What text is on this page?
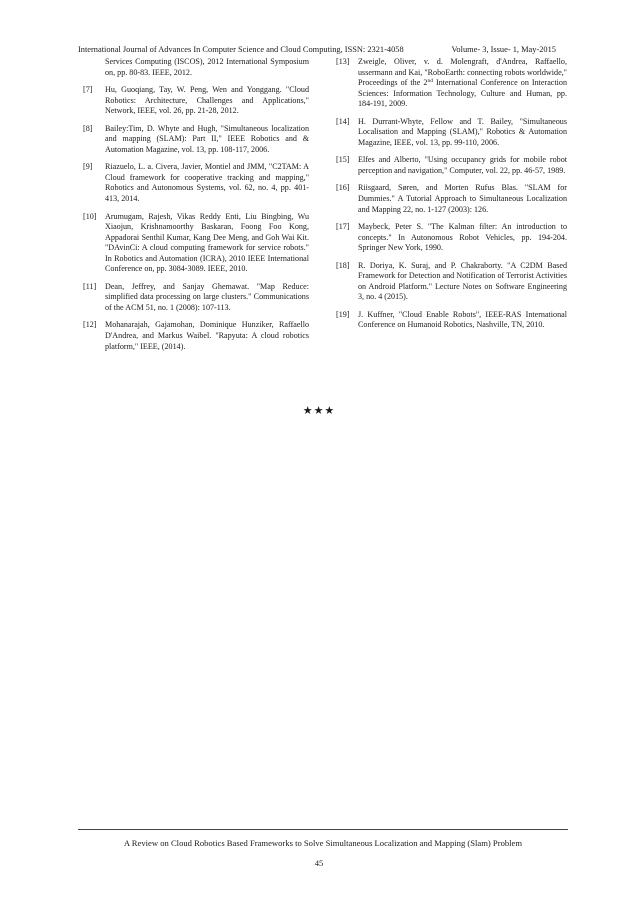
International Journal of Advances In Computer Science and Cloud Computing, ISSN: 2321-4058	Volume- 3, Issue- 1, May-2015
Services Computing (ISCOS), 2012 International Symposium on, pp. 80-83. IEEE, 2012.
[7] Hu, Guoqiang, Tay, W. Peng, Wen and Yonggang. "Cloud Robotics: Architecture, Challenges and Applications," Network, IEEE, vol. 26, pp. 21-28, 2012.
[8] Bailey:Tim, D. Whyte and Hugh, "Simultaneous localization and mapping (SLAM): Part II," IEEE Robotics and & Automation Magazine, vol. 13, pp. 108-117, 2006.
[9] Riazuelo, L. a. Civera, Javier, Montiel and JMM, "C2TAM: A Cloud framework for cooperative tracking and mapping," Robotics and Autonomous Systems, vol. 62, no. 4, pp. 401-413, 2014.
[10] Arumugam, Rajesh, Vikas Reddy Enti, Liu Bingbing, Wu Xiaojun, Krishnamoorthy Baskaran, Foong Foo Kong, Appadorai Senthil Kumar, Kang Dee Meng, and Goh Wai Kit. "DAvinCi: A cloud computing framework for service robots." In Robotics and Automation (ICRA), 2010 IEEE International Conference on, pp. 3084-3089. IEEE, 2010.
[11] Dean, Jeffrey, and Sanjay Ghemawat. "Map Reduce: simplified data processing on large clusters." Communications of the ACM 51, no. 1 (2008): 107-113.
[12] Mohanarajah, Gajamohan, Dominique Hunziker, Raffaello D'Andrea, and Markus Waibel. "Rapyuta: A cloud robotics platform," IEEE, (2014).
[13] Zweigle, Oliver, v. d. Molengraft, d'Andrea, Raffaello, ussermann and Kai, "RoboEarth: connecting robots worldwide," Proceedings of the 2nd International Conference on Interaction Sciences: Information Technology, Culture and Human, pp. 184-191, 2009.
[14] H. Durrant-Whyte, Fellow and T. Bailey, "Simultaneous Localisation and Mapping (SLAM)," Robotics & Automation Magazine, IEEE, vol. 13, pp. 99-110, 2006.
[15] Elfes and Alberto, "Using occupancy grids for mobile robot perception and navigation," Computer, vol. 22, pp. 46-57, 1989.
[16] Riisgaard, Søren, and Morten Rufus Blas. "SLAM for Dummies." A Tutorial Approach to Simultaneous Localization and Mapping 22, no. 1-127 (2003): 126.
[17] Maybeck, Peter S. "The Kalman filter: An introduction to concepts." In Autonomous Robot Vehicles, pp. 194-204. Springer New York, 1990.
[18] R. Doriya, K. Suraj, and P. Chakraborty. "A C2DM Based Framework for Detection and Notification of Terrorist Activities on Android Platform." Lecture Notes on Software Engineering 3, no. 4 (2015).
[19] J. Kuffner, "Cloud Enable Robots", IEEE-RAS International Conference on Humanoid Robotics, Nashville, TN, 2010.
★★★
A Review on Cloud Robotics Based Frameworks to Solve Simultaneous Localization and Mapping (Slam) Problem
45
